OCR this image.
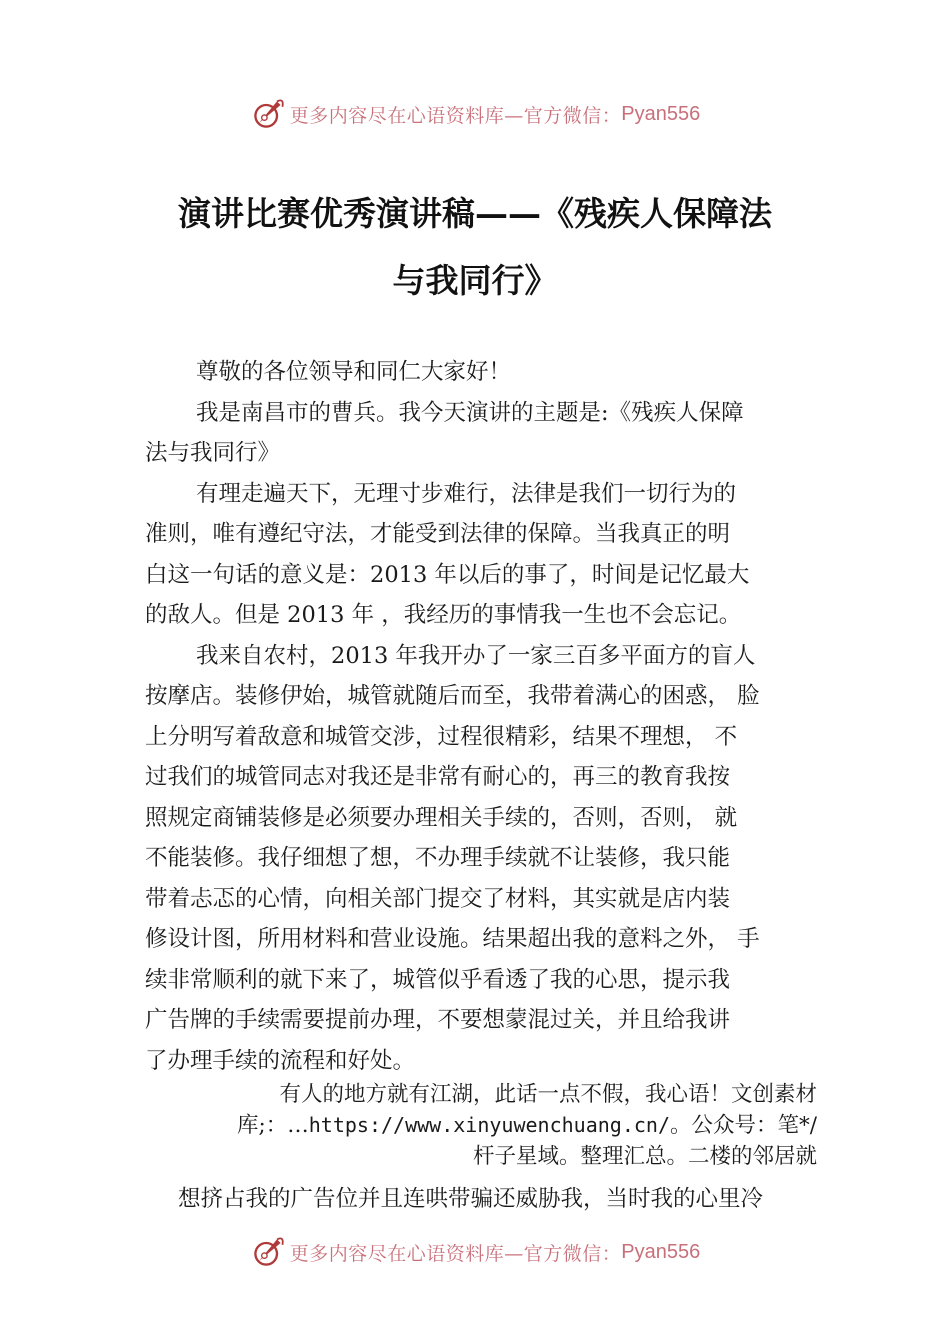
更多内容尽在心语资料库—官方微信： Pyan556
演讲比赛优秀演讲稿——《残疾人保障法
与我同行》
尊敬的各位领导和同仁大家好！
我是南昌市的曹兵。我今天演讲的主题是:《残疾人保障
法与我同行》
有理走遍天下，无理寸步难行，法律是我们一切行为的
准则，唯有遵纪守法，才能受到法律的保障。当我真正的明
白这一句话的意义是：2013 年以后的事了，时间是记忆最大
的敌人。但是 2013 年 ，我经历的事情我一生也不会忘记。
我来自农村，2013 年我开办了一家三百多平面方的盲人
按摩店。装修伊始，城管就随后而至，我带着满心的困惑， 脸
上分明写着敌意和城管交涉，过程很精彩，结果不理想， 不
过我们的城管同志对我还是非常有耐心的，再三的教育我按
照规定商铺装修是必须要办理相关手续的，否则，否则， 就
不能装修。我仔细想了想，不办理手续就不让装修，我只能
带着忐忑的心情，向相关部门提交了材料，其实就是店内装
修设计图，所用材料和营业设施。结果超出我的意料之外， 手
续非常顺利的就下来了，城管似乎看透了我的心思，提示我
广告牌的手续需要提前办理，不要想蒙混过关，并且给我讲
了办理手续的流程和好处。
有人的地方就有江湖，此话一点不假，我心语！文创素材
库;：…https://www.xinyuwenchuang.cn/。公众号：笔*/
杆子星域。整理汇总。二楼的邻居就
想挤占我的广告位并且连哄带骗还威胁我，当时我的心里冷
更多内容尽在心语资料库—官方微信： Pyan556
